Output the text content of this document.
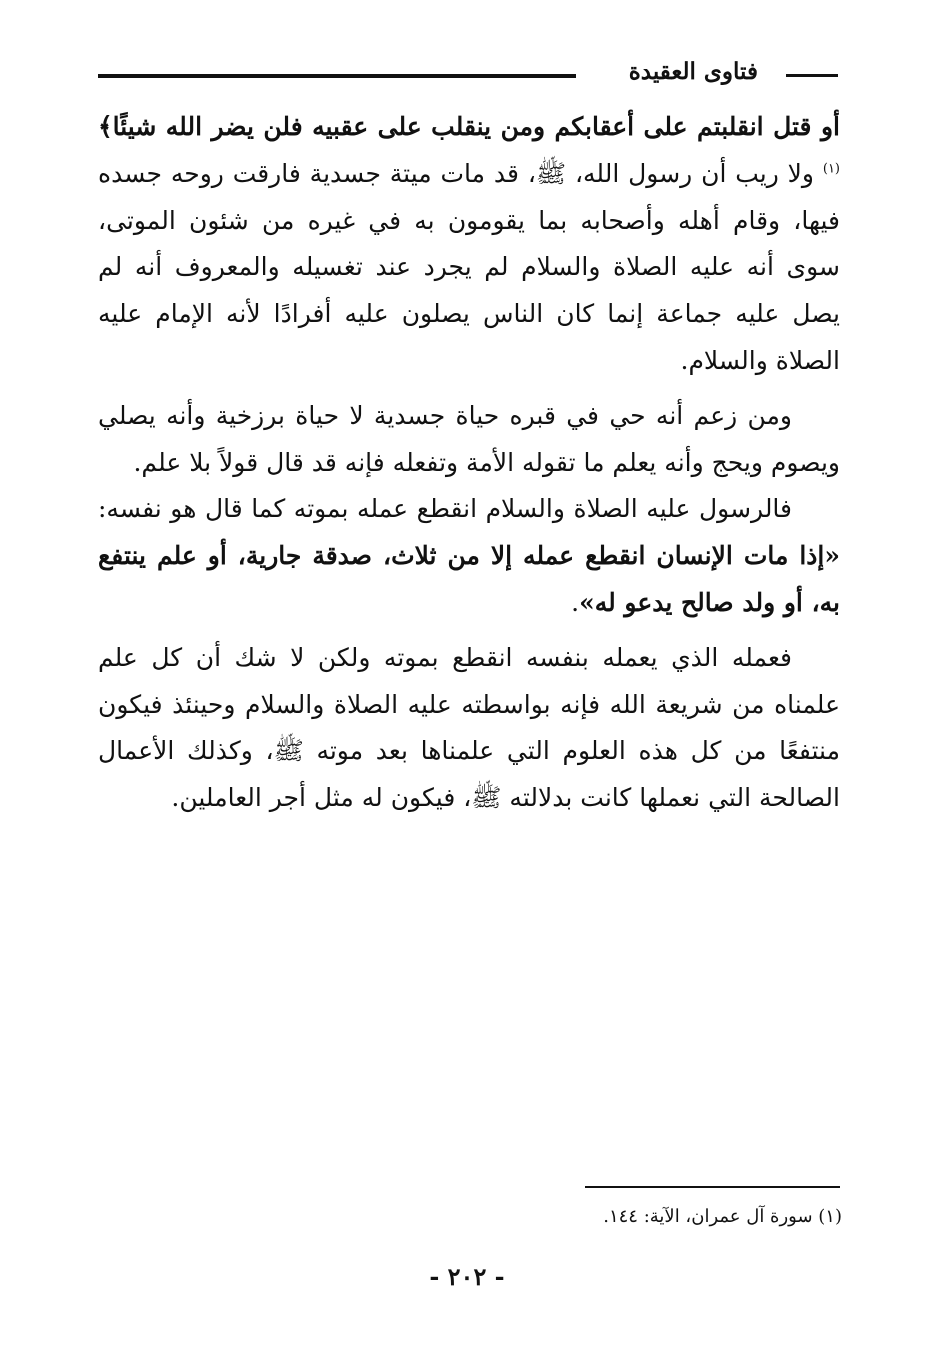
فتاوى العقيدة

أو قتل انقلبتم على أعقابكم ومن ينقلب على عقبيه فلن يضر الله شيئًا﴾$^{(١)}$ ولا ريب أن رسول الله، ﷺ، قد مات ميتة جسدية فارقت روحه جسده فيها، وقام أهله وأصحابه بما يقومون به في غيره من شئون الموتى، سوى أنه عليه الصلاة والسلام لم يجرد عند تغسيله والمعروف أنه لم يصل عليه جماعة إنما كان الناس يصلون عليه أفرادًا لأنه الإمام عليه الصلاة والسلام.

ومن زعم أنه حي في قبره حياة جسدية لا حياة برزخية وأنه يصلي ويصوم ويحج وأنه يعلم ما تقوله الأمة وتفعله فإنه قد قال قولاً بلا علم.

فالرسول عليه الصلاة والسلام انقطع عمله بموته كما قال هو نفسه: «إذا مات الإنسان انقطع عمله إلا من ثلاث، صدقة جارية، أو علم ينتفع به، أو ولد صالح يدعو له».

فعمله الذي يعمله بنفسه انقطع بموته ولكن لا شك أن كل علم علمناه من شريعة الله فإنه بواسطته عليه الصلاة والسلام وحينئذ فيكون منتفعًا من كل هذه العلوم التي علمناها بعد موته ﷺ، وكذلك الأعمال الصالحة التي نعملها كانت بدلالته ﷺ، فيكون له مثل أجر العاملين.

(١) سورة آل عمران، الآية: ١٤٤.
- ٢٠٢ -
